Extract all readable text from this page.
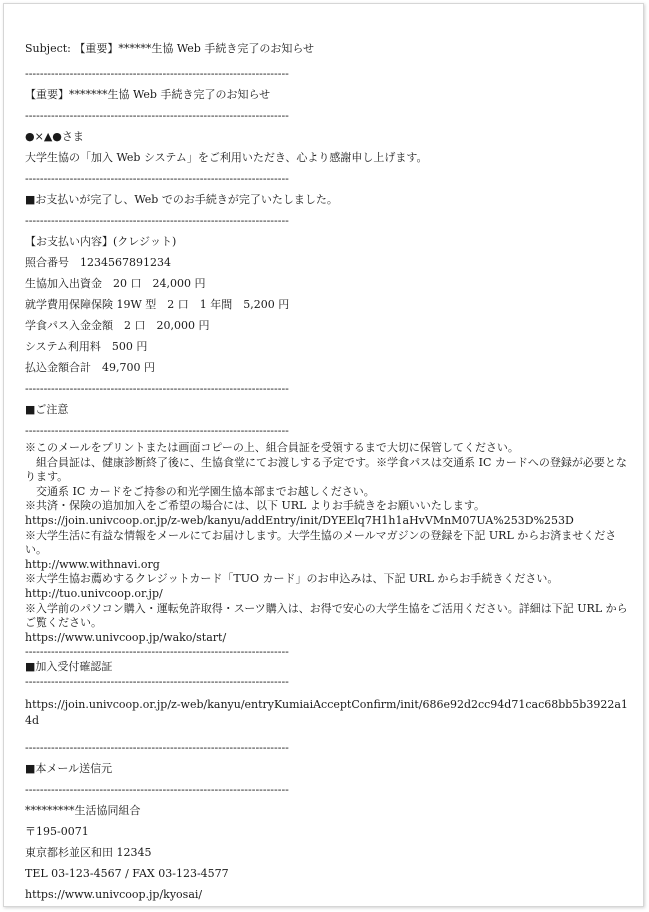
Subject: 【重要】******生協 Web 手続き完了のお知らせ
-----------------------------------------------------------------------
【重要】*******生協 Web 手続き完了のお知らせ
-----------------------------------------------------------------------
●×▲●さま
大学生協の「加入 Web システム」をご利用いただき、心より感謝申し上げます。
-----------------------------------------------------------------------
■お支払いが完了し、Web でのお手続きが完了いたしました。
-----------------------------------------------------------------------
【お支払い内容】(クレジット)
照合番号　1234567891234
生協加入出資金　20 口　24,000 円
就学費用保障保険 19W 型　2 口　1 年間　5,200 円
学食パス入金金額　2 口　20,000 円
システム利用料　500 円
払込金額合計　49,700 円
-----------------------------------------------------------------------
■ご注意
-----------------------------------------------------------------------
※このメールをプリントまたは画面コピーの上、組合員証を受領するまで大切に保管してください。
　組合員証は、健康診断終了後に、生協食堂にてお渡しする予定です。※学食パスは交通系 IC カードへの登録が必要となります。
　交通系 IC カードをご持参の和光学園生協本部までお越しください。
※共済・保険の追加加入をご希望の場合には、以下 URL よりお手続きをお願いいたします。
https://join.univcoop.or.jp/z-web/kanyu/addEntry/init/DYEElq7H1h1aHvVMnM07UA%253D%253D
※大学生活に有益な情報をメールにてお届けします。大学生協のメールマガジンの登録を下記 URL からお済ませください。
http://www.withnavi.org
※大学生協お薦めするクレジットカード「TUO カード」のお申込みは、下記 URL からお手続きください。
http://tuo.univcoop.or.jp/
※入学前のパソコン購入・運転免許取得・スーツ購入は、お得で安心の大学生協をご活用ください。詳細は下記 URL からご覧ください。
https://www.univcoop.jp/wako/start/
-----------------------------------------------------------------------
■加入受付確認証
-----------------------------------------------------------------------
https://join.univcoop.or.jp/z-web/kanyu/entryKumiaiAcceptConfirm/init/686e92d2cc94d71cac68bb5b3922a14d
-----------------------------------------------------------------------
■本メール送信元
-----------------------------------------------------------------------
*********生活協同組合
〒195-0071
東京都杉並区和田 12345
TEL 03-123-4567 / FAX 03-123-4577
https://www.univcoop.jp/kyosai/
